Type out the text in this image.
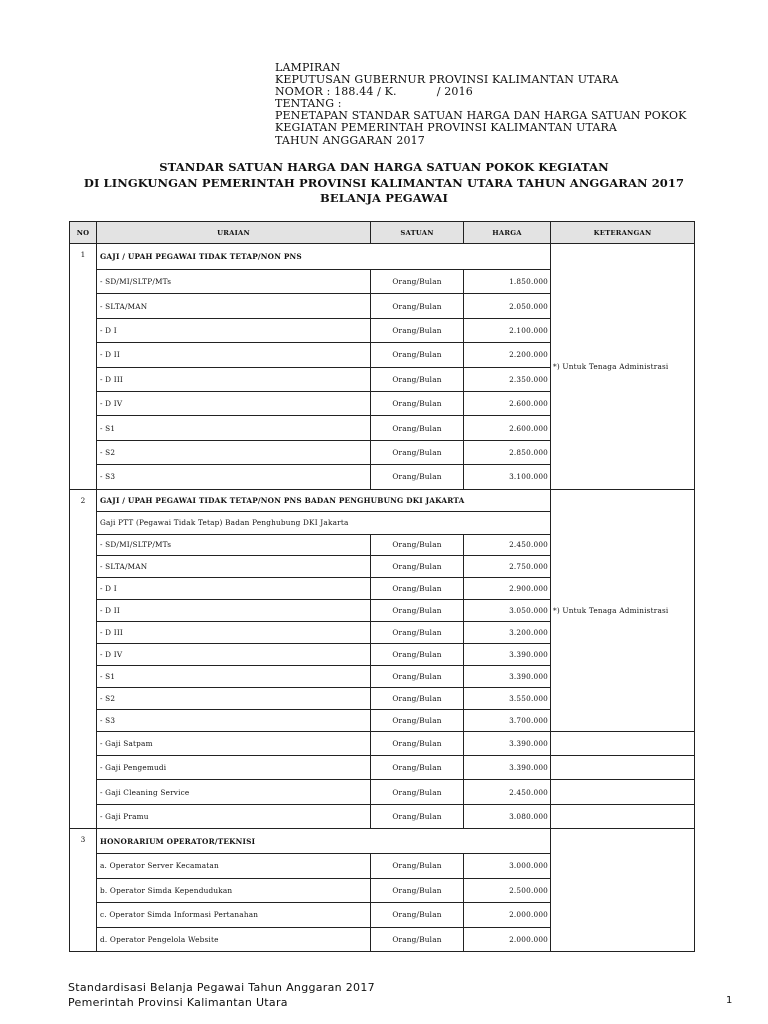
LAMPIRAN
KEPUTUSAN GUBERNUR PROVINSI KALIMANTAN UTARA
NOMOR : 188.44 / K.           / 2016
TENTANG :
PENETAPAN STANDAR SATUAN HARGA DAN HARGA SATUAN POKOK
KEGIATAN PEMERINTAH PROVINSI KALIMANTAN UTARA
TAHUN ANGGARAN 2017
STANDAR SATUAN HARGA DAN HARGA SATUAN POKOK KEGIATAN
DI LINGKUNGAN PEMERINTAH PROVINSI KALIMANTAN UTARA TAHUN ANGGARAN 2017
BELANJA PEGAWAI
NO	URAIAN	SATUAN	HARGA	KETERANGAN
1	GAJI / UPAH PEGAWAI TIDAK TETAP/NON PNS			*) Untuk Tenaga Administrasi
	- SD/MI/SLTP/MTs	Orang/Bulan	1.850.000	
	- SLTA/MAN	Orang/Bulan	2.050.000	
	- D I	Orang/Bulan	2.100.000	
	- D II	Orang/Bulan	2.200.000	
	- D III	Orang/Bulan	2.350.000	
	- D IV	Orang/Bulan	2.600.000	
	- S1	Orang/Bulan	2.600.000	
	- S2	Orang/Bulan	2.850.000	
	- S3	Orang/Bulan	3.100.000	
2	GAJI / UPAH PEGAWAI TIDAK TETAP/NON PNS BADAN PENGHUBUNG DKI JAKARTA			*) Untuk Tenaga Administrasi
	Gaji PTT (Pegawai Tidak Tetap) Badan Penghubung DKI Jakarta			
	- SD/MI/SLTP/MTs	Orang/Bulan	2.450.000	
	- SLTA/MAN	Orang/Bulan	2.750.000	
	- D I	Orang/Bulan	2.900.000	
	- D II	Orang/Bulan	3.050.000	
	- D III	Orang/Bulan	3.200.000	
	- D IV	Orang/Bulan	3.390.000	
	- S1	Orang/Bulan	3.390.000	
	- S2	Orang/Bulan	3.550.000	
	- S3	Orang/Bulan	3.700.000	
	- Gaji Satpam	Orang/Bulan	3.390.000	
	- Gaji Pengemudi	Orang/Bulan	3.390.000	
	- Gaji Cleaning Service	Orang/Bulan	2.450.000	
	- Gaji Pramu	Orang/Bulan	3.080.000	
3	HONORARIUM OPERATOR/TEKNISI			
	a. Operator Server Kecamatan	Orang/Bulan	3.000.000	
	b. Operator Simda Kependudukan	Orang/Bulan	2.500.000	
	c. Operator Simda Informasi Pertanahan	Orang/Bulan	2.000.000	
	d. Operator Pengelola Website	Orang/Bulan	2.000.000	
Standardisasi Belanja Pegawai Tahun Anggaran 2017
Pemerintah Provinsi Kalimantan Utara	1
